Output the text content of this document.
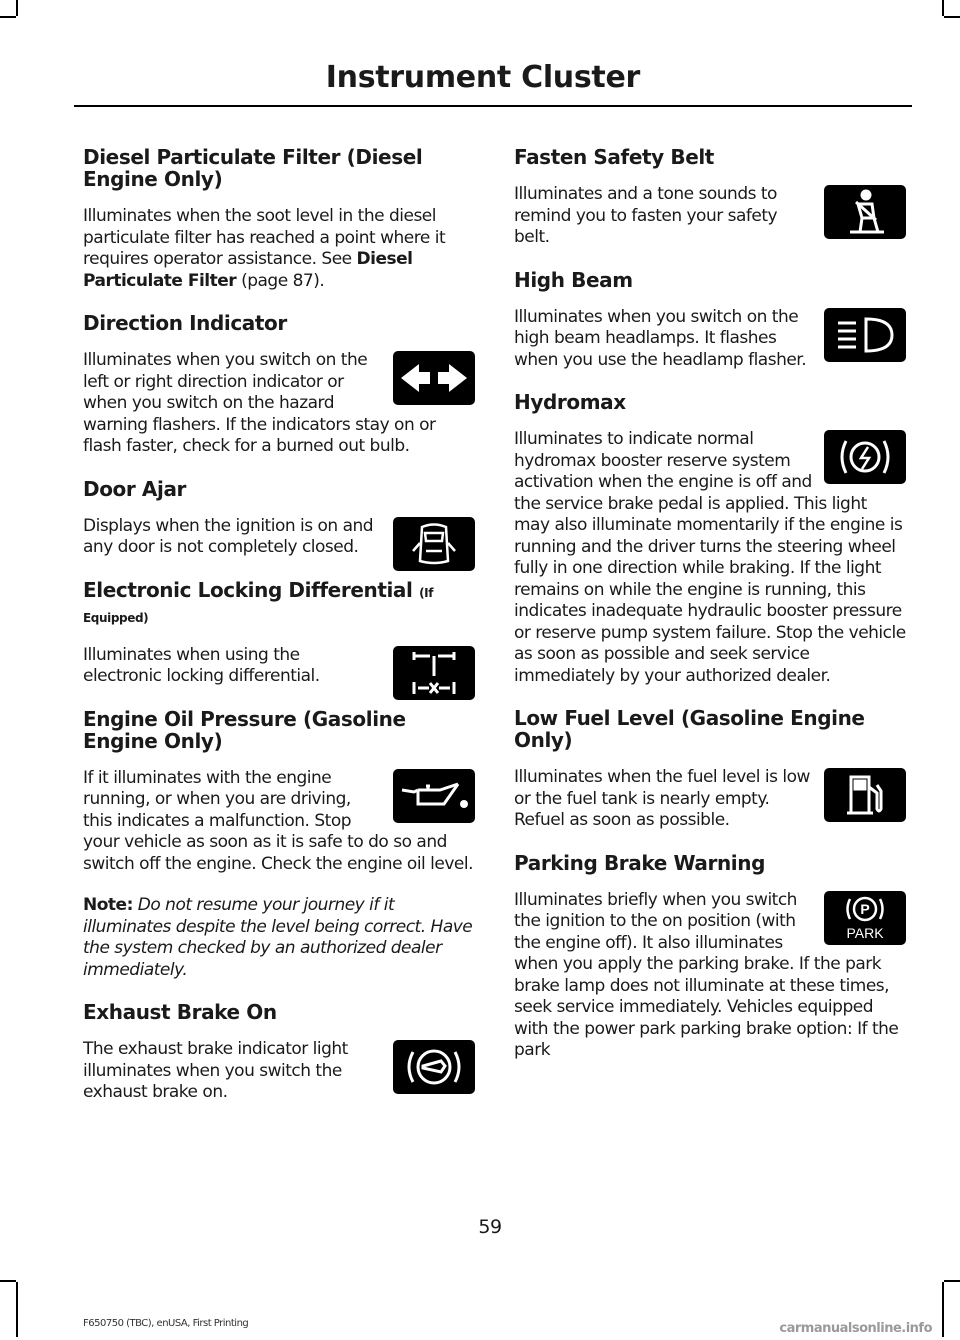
Instrument Cluster
Diesel Particulate Filter (Diesel Engine Only)

Illuminates when the soot level in the diesel particulate filter has reached a point where it requires operator assistance. See Diesel Particulate Filter (page 87).

Direction Indicator

Illuminates when you switch on the left or right direction indicator or when you switch on the hazard warning flashers. If the indicators stay on or flash faster, check for a burned out bulb.

Door Ajar

Displays when the ignition is on and any door is not completely closed.

Electronic Locking Differential (If Equipped)

Illuminates when using the electronic locking differential.

Engine Oil Pressure (Gasoline Engine Only)

If it illuminates with the engine running, or when you are driving, this indicates a malfunction. Stop your vehicle as soon as it is safe to do so and switch off the engine. Check the engine oil level.

Note: Do not resume your journey if it illuminates despite the level being correct. Have the system checked by an authorized dealer immediately.

Exhaust Brake On

The exhaust brake indicator light illuminates when you switch the exhaust brake on.

Fasten Safety Belt

Illuminates and a tone sounds to remind you to fasten your safety belt.

High Beam

Illuminates when you switch on the high beam headlamps. It flashes when you use the headlamp flasher.

Hydromax

Illuminates to indicate normal hydromax booster reserve system activation when the engine is off and the service brake pedal is applied. This light may also illuminate momentarily if the engine is running and the driver turns the steering wheel fully in one direction while braking. If the light remains on while the engine is running, this indicates inadequate hydraulic booster pressure or reserve pump system failure. Stop the vehicle as soon as possible and seek service immediately by your authorized dealer.

Low Fuel Level (Gasoline Engine Only)

Illuminates when the fuel level is low or the fuel tank is nearly empty. Refuel as soon as possible.

Parking Brake Warning
P
PARK

Illuminates briefly when you switch the ignition to the on position (with the engine off). It also illuminates when you apply the parking brake. If the park brake lamp does not illuminate at these times, seek service immediately. Vehicles equipped with the power park parking brake option: If the park

59

F650750 (TBC), enUSA, First Printing	carmanualsonline.info
